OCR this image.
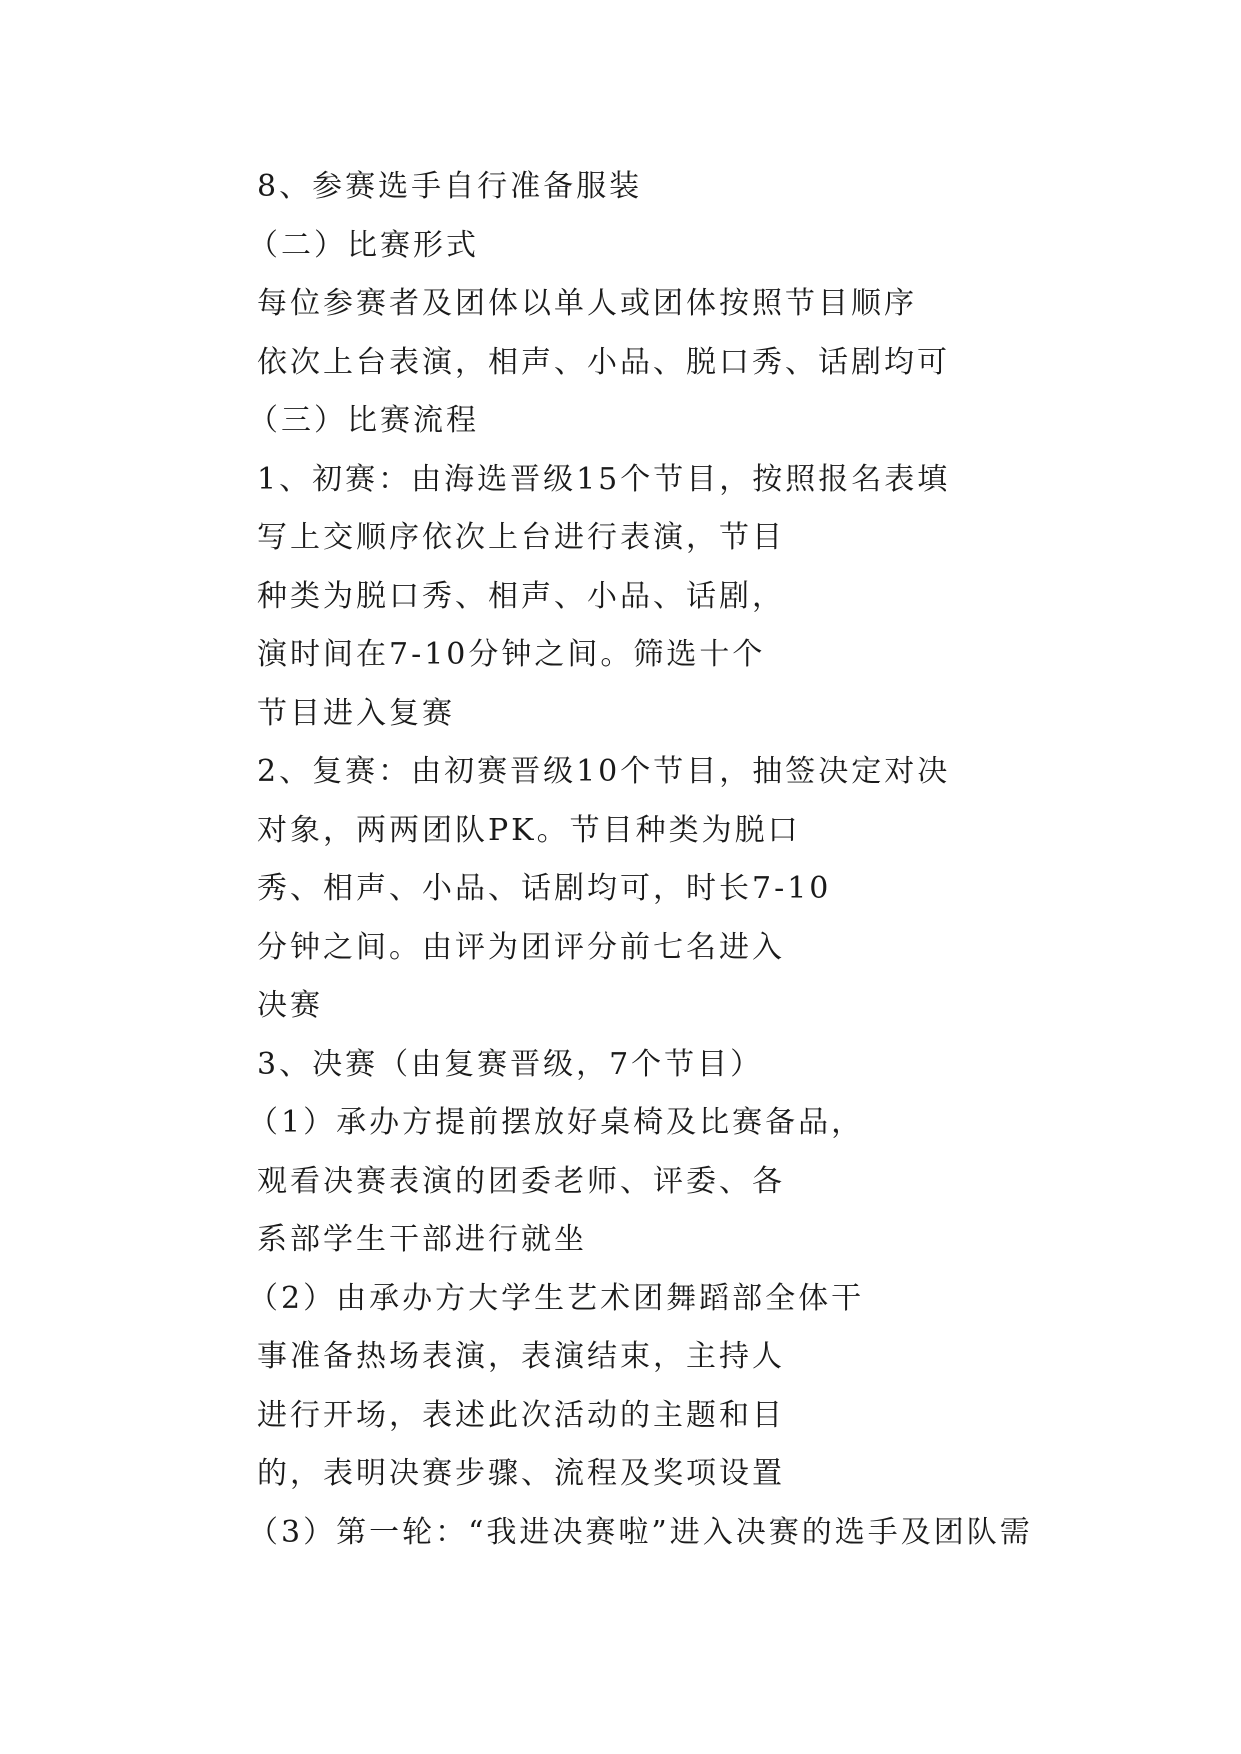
8、参赛选手自行准备服装
（二）比赛形式
每位参赛者及团体以单人或团体按照节目顺序
依次上台表演，相声、小品、脱口秀、话剧均可
（三）比赛流程
1、初赛：由海选晋级15个节目，按照报名表填
写上交顺序依次上台进行表演，节目
种类为脱口秀、相声、小品、话剧，
演时间在7-10分钟之间。筛选十个
节目进入复赛
2、复赛：由初赛晋级10个节目，抽签决定对决
对象，两两团队PK。节目种类为脱口
秀、相声、小品、话剧均可，时长7-10
分钟之间。由评为团评分前七名进入
决赛
3、决赛（由复赛晋级，7个节目）
（1）承办方提前摆放好桌椅及比赛备品，
观看决赛表演的团委老师、评委、各
系部学生干部进行就坐
（2）由承办方大学生艺术团舞蹈部全体干
事准备热场表演，表演结束，主持人
进行开场，表述此次活动的主题和目
的，表明决赛步骤、流程及奖项设置
（3）第一轮：“我进决赛啦”进入决赛的选手及团队需
